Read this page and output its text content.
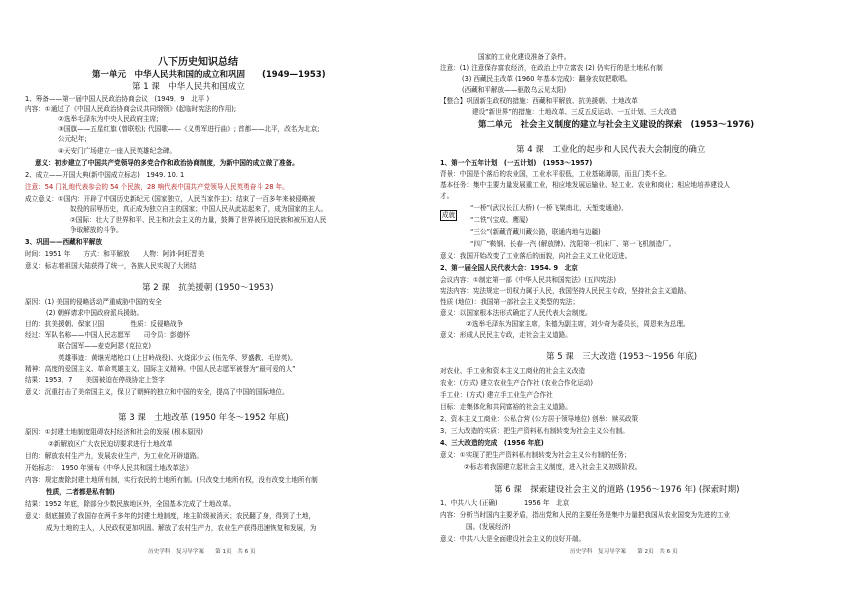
八下历史知识总结
第一单元　中华人民共和国的成立和巩固　　(1949—1953)
第 1 课　中华人民共和国成立
1、筹备——第一届中国人民政治协商会议　(1949．9　北平 )
内容：①通过了《中国人民政治协商会议共同纲领》(起临时宪法的作用);
②选举毛泽东为中央人民政府主席;
③国旗——五星红旗 (曾联松); 代国歌——《义勇军进行曲》; 首都——北平，改名为北京;
公元纪年;
④天安门广场建立一座人民英雄纪念碑。
意义：初步建立了中国共产党领导的多党合作和政治协商制度，为新中国的成立做了准备。
2、成立——开国大典(新中国成立标志)　1949. 10. 1
注意：54 门礼炮代表参会的 54 个民族，28 响代表中国共产党领导人民英勇奋斗 28 年。
成立意义：①国内：开辟了中国历史新纪元 (国家独立，人民当家作主)；结束了一百多年来被侵略被
奴役的屈辱历史，真正成为独立自主的国家；中国人民从此站起来了，成为国家的主人。
②国际：壮大了世界和平、民主和社会主义的力量，鼓舞了世界被压迫民族和被压迫人民
争取解放的斗争。
3、巩固——西藏和平解放
时间：1951 年　　方式：和平解放　　人物：阿沛·阿旺晋美
意义：标志着祖国大陆获得了统一，各族人民实现了大团结
第 2 课　抗美援朝 (1950～1953)
原因：(1) 美国的侵略活动严重威胁中国的安全
(2) 朝鲜请求中国政府派兵援助。
目的：抗美援朝、保家卫国　　　　性质：反侵略战争
经过：军队名称——中国人民志愿军　　司令员：彭德怀
联合国军——麦克阿瑟 (克拉克)
英雄事迹：黄继光堵枪口 (上甘岭战役)、火烧邱少云 (伍先华、罗盛教、毛岸英)。
精神：高度的爱国主义、革命英雄主义、国际主义精神。中国人民志愿军被誉为“最可爱的人”
结果：1953．7　　美国被迫在停战协定上签字
意义：沉重打击了美帝国主义，保卫了朝鲜的独立和中国的安全，提高了中国的国际地位。
第 3 课　土地改革 (1950 年冬～1952 年底)
原因：①封建土地制度阻碍农村经济和社会的发展 (根本原因)
②新解放区广大农民迫切要求进行土地改革
目的：解放农村生产力，发展农业生产，为工业化开辟道路。
开始标志：　1950 年颁布《中华人民共和国土地改革法》
内容：规定废除封建土地所有制，实行农民的土地所有制。(只改变土地所有权，没有改变土地所有制
性质，二者都是私有制)
结果：1952 年底，除部分少数民族地区外，全国基本完成了土地改革。
意义：彻底摧毁了我国存在两千多年的封建土地制度，地主阶级被消灭；农民翻了身，得到了土地，
成为土地的主人，人民政权更加巩固。解放了农村生产力，农业生产获得迅速恢复和发展，为
历史学科　复习导学案　　第 1页　共 6 页
国家的工业化建设准备了条件。
注意：(1) 注意保存富农经济，在政治上中立富农 (2) 仍实行的是土地私有制
(3) 西藏民主改革 (1960 年基本完成)：翻身农奴把歌唱。
(西藏和平解放——驱散乌云见太阳)
【整合】巩固新生政权的措施：西藏和平解放、抗美援朝、土地改革
建设“新世界”的措施：土地改革、三反五反运动、一五计划、三大改造
第二单元　社会主义制度的建立与社会主义建设的探索　(1953～1976)
第 4 课　工业化的起步和人民代表大会制度的确立
1、第一个五年计划　(一五计划)　(1953～1957)
背景：中国是个落后的农业国，工业水平很低，工业基础薄弱，而且门类不全。
基本任务：集中主要力量发展重工业，相应地发展运输业、轻工业、农业和商业；相应地培养建设人
才。
“一桥”(武汉长江大桥) (一桥飞架南北，天堑变通途)、
成就
“二铁”(宝成、鹰厦)
“三公”(新藏青藏川藏公路，联通内地与边疆)
“四厂”鞍钢、长春一汽 (解放牌)、沈阳第一机床厂、第一飞机制造厂。
意义：我国开始改变了工业落后的面貌，向社会主义工业化迈进。
2、第一届全国人民代表大会：1954. 9　北京
会议内容：①制定第一部《中华人民共和国宪法》(五四宪法)
宪法内容：宪法规定一切权力属于人民，我国坚持人民民主专政，坚持社会主义道路。
性质 (地位)：我国第一部社会主义类型的宪法；
意义：以国家根本法形式确定了人民代表大会制度。
②选举毛泽东为国家主席，朱德为副主席，刘少奇为委员长，周恩来为总理。
意义：形成人民民主专政，走社会主义道路。
第 5 课　三大改造 (1953～1956 年底)
对农业、手工业和资本主义工商业的社会主义改造
农业：(方式) 建立农业生产合作社 (农业合作化运动)
手工业：(方式) 建立手工业生产合作社
目标：走集体化和共同富裕的社会主义道路。
2、资本主义工商业：公私合营 (公方居于领导地位) 创举：赎买政策
3、三大改造的实质：把生产资料私有制转变为社会主义公有制。
4、三大改造的完成　(1956 年底)
意义：①实现了把生产资料私有制转变为社会主义公有制的任务；
②标志着我国建立起社会主义制度，进入社会主义初级阶段。
第 6 课　探索建设社会主义的道路 (1956～1976 年) (探索时期)
1、中共八大 (正确)　　　　1956 年　北京
内容：分析当时国内主要矛盾，指出党和人民的主要任务是集中力量把我国从农业国变为先进的工业
国。(发展经济)
意义：中共八大是全面建设社会主义的良好开端。
历史学科　复习导学案　　第 2页　共 6 页
